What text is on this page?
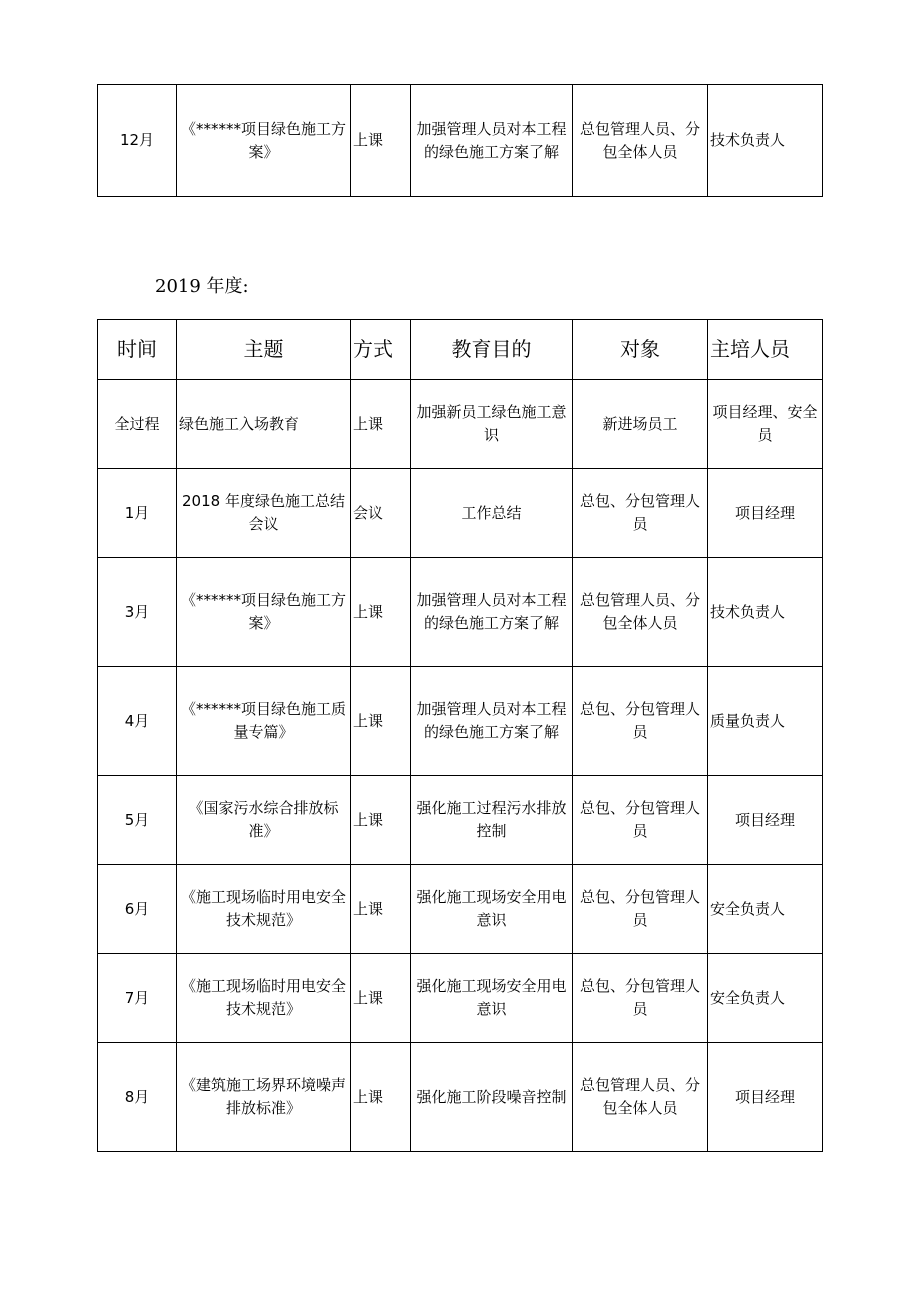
12月	《******项目绿色施工方案》	上课	加强管理人员对本工程的绿色施工方案了解	总包管理人员、分包全体人员	技术负责人

2019 年度:

时间	主题	方式	教育目的	对象	主培人员
全过程	绿色施工入场教育	上课	加强新员工绿色施工意识	新进场员工	项目经理、安全员
1月	2018 年度绿色施工总结会议	会议	工作总结	总包、分包管理人员	项目经理
3月	《******项目绿色施工方案》	上课	加强管理人员对本工程的绿色施工方案了解	总包管理人员、分包全体人员	技术负责人
4月	《******项目绿色施工质量专篇》	上课	加强管理人员对本工程的绿色施工方案了解	总包、分包管理人员	质量负责人
5月	《国家污水综合排放标准》	上课	强化施工过程污水排放控制	总包、分包管理人员	项目经理
6月	《施工现场临时用电安全技术规范》	上课	强化施工现场安全用电意识	总包、分包管理人员	安全负责人
7月	《施工现场临时用电安全技术规范》	上课	强化施工现场安全用电意识	总包、分包管理人员	安全负责人
8月	《建筑施工场界环境噪声排放标准》	上课	强化施工阶段噪音控制	总包管理人员、分包全体人员	项目经理
